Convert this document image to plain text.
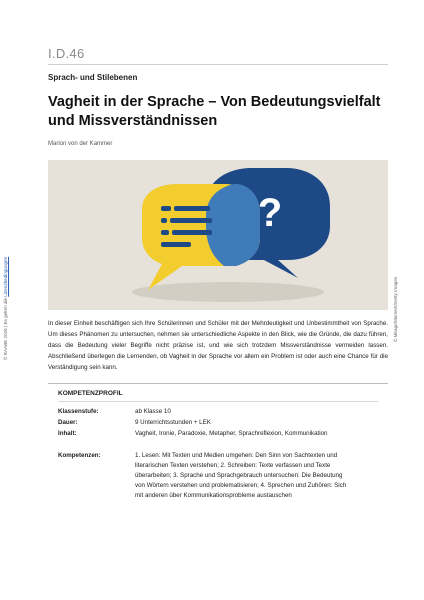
I.D.46
Sprach- und Stilebenen
Vagheit in der Sprache – Von Bedeutungsvielfalt und Missverständnissen
Marion von der Kammer
© RAABE 2026 | Es gelten die Lizenzbedingungen
© Mirage/Moment/Getty Images
?

In dieser Einheit beschäftigen sich Ihre Schülerinnen und Schüler mit der Mehrdeutigkeit und Unbestimmtheit von Sprache. Um dieses Phänomen zu untersuchen, nehmen sie unterschiedliche Aspekte in den Blick, wie die Gründe, die dazu führen, dass die Bedeutung vieler Begriffe nicht präzise ist, und wie sich trotzdem Missverständnisse vermeiden lassen. Abschließend überlegen die Lernenden, ob Vagheit in der Sprache vor allem ein Problem ist oder auch eine Chance für die Verständigung sein kann.

KOMPETENZPROFIL
Klassenstufe:	ab Klasse 10
Dauer:	9 Unterrichtsstunden + LEK
Inhalt:	Vagheit, Ironie, Paradoxie, Metapher, Sprachreflexion, Kommunikation
Kompetenzen:	1. Lesen: Mit Texten und Medien umgehen: Den Sinn von Sachtexten und literarischen Texten verstehen; 2. Schreiben: Texte verfassen und Texte überarbeiten; 3. Sprache und Sprachgebrauch untersuchen: Die Bedeutung von Wörtern verstehen und problematisieren; 4. Sprechen und Zuhören: Sich mit anderen über Kommunikationsprobleme austauschen
